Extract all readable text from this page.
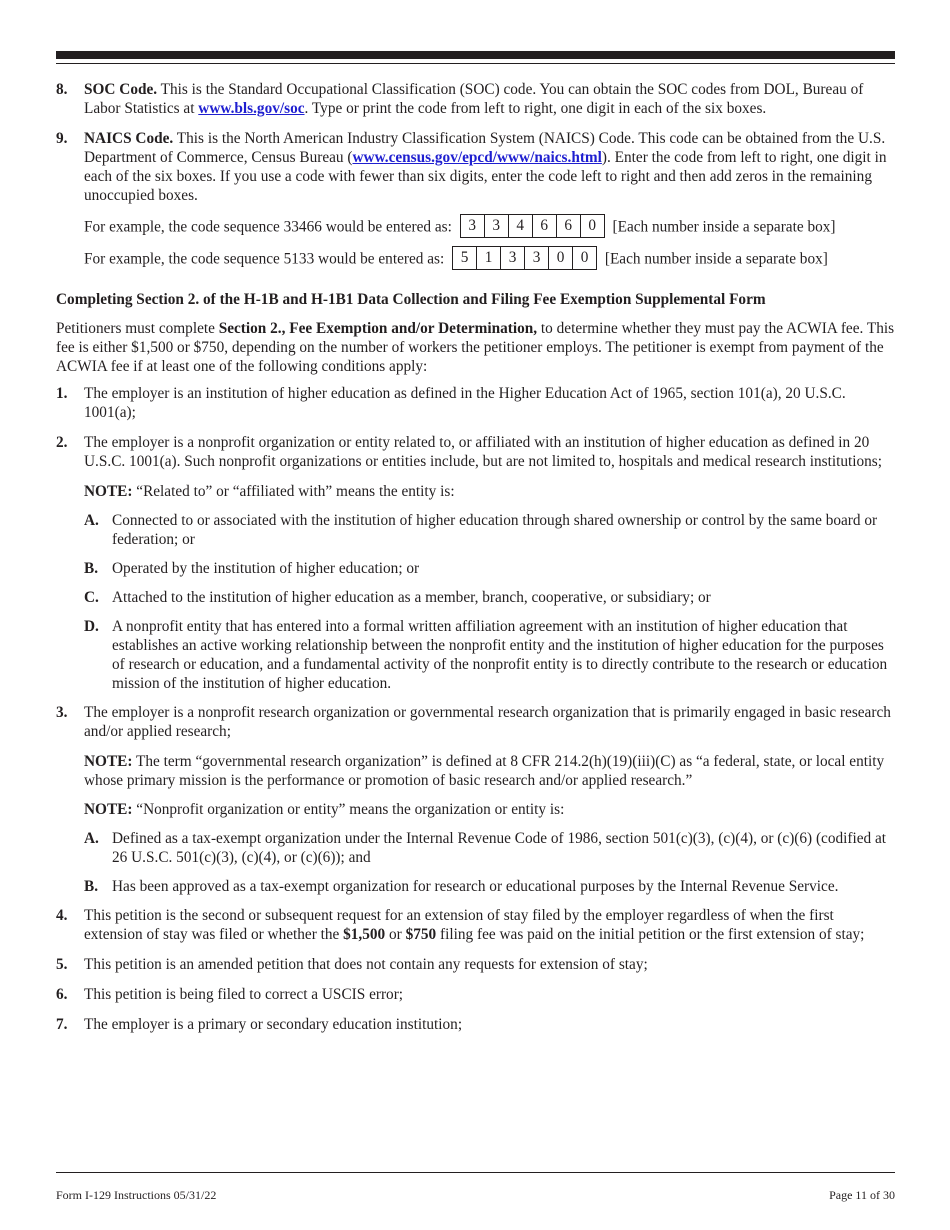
8. SOC Code. This is the Standard Occupational Classification (SOC) code. You can obtain the SOC codes from DOL, Bureau of Labor Statistics at www.bls.gov/soc. Type or print the code from left to right, one digit in each of the six boxes.
9. NAICS Code. This is the North American Industry Classification System (NAICS) Code. This code can be obtained from the U.S. Department of Commerce, Census Bureau (www.census.gov/epcd/www/naics.html). Enter the code from left to right, one digit in each of the six boxes. If you use a code with fewer than six digits, enter the code left to right and then add zeros in the remaining unoccupied boxes.
For example, the code sequence 33466 would be entered as:	3	3	4	6	6	0	[Each number inside a separate box]
For example, the code sequence 5133 would be entered as:	5	1	3	3	0	0	[Each number inside a separate box]
Completing Section 2. of the H-1B and H-1B1 Data Collection and Filing Fee Exemption Supplemental Form
Petitioners must complete Section 2., Fee Exemption and/or Determination, to determine whether they must pay the ACWIA fee. This fee is either $1,500 or $750, depending on the number of workers the petitioner employs. The petitioner is exempt from payment of the ACWIA fee if at least one of the following conditions apply:
1. The employer is an institution of higher education as defined in the Higher Education Act of 1965, section 101(a), 20 U.S.C. 1001(a);
2. The employer is a nonprofit organization or entity related to, or affiliated with an institution of higher education as defined in 20 U.S.C. 1001(a). Such nonprofit organizations or entities include, but are not limited to, hospitals and medical research institutions;
NOTE: “Related to” or “affiliated with” means the entity is:
A. Connected to or associated with the institution of higher education through shared ownership or control by the same board or federation; or
B. Operated by the institution of higher education; or
C. Attached to the institution of higher education as a member, branch, cooperative, or subsidiary; or
D. A nonprofit entity that has entered into a formal written affiliation agreement with an institution of higher education that establishes an active working relationship between the nonprofit entity and the institution of higher education for the purposes of research or education, and a fundamental activity of the nonprofit entity is to directly contribute to the research or education mission of the institution of higher education.
3. The employer is a nonprofit research organization or governmental research organization that is primarily engaged in basic research and/or applied research;
NOTE: The term “governmental research organization” is defined at 8 CFR 214.2(h)(19)(iii)(C) as “a federal, state, or local entity whose primary mission is the performance or promotion of basic research and/or applied research.”
NOTE: “Nonprofit organization or entity” means the organization or entity is:
A. Defined as a tax-exempt organization under the Internal Revenue Code of 1986, section 501(c)(3), (c)(4), or (c)(6) (codified at 26 U.S.C. 501(c)(3), (c)(4), or (c)(6)); and
B. Has been approved as a tax-exempt organization for research or educational purposes by the Internal Revenue Service.
4. This petition is the second or subsequent request for an extension of stay filed by the employer regardless of when the first extension of stay was filed or whether the $1,500 or $750 filing fee was paid on the initial petition or the first extension of stay;
5. This petition is an amended petition that does not contain any requests for extension of stay;
6. This petition is being filed to correct a USCIS error;
7. The employer is a primary or secondary education institution;
Form I-129 Instructions 05/31/22	Page 11 of 30
